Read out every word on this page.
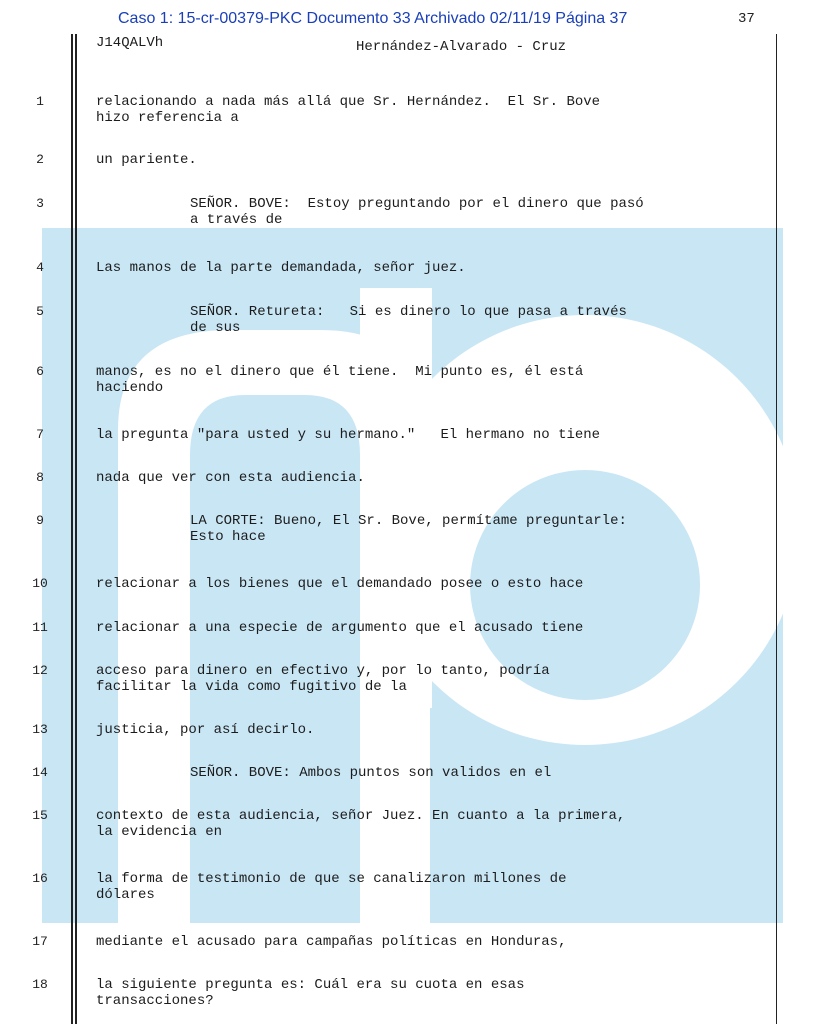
Caso 1: 15-cr-00379-PKC Documento 33 Archivado 02/11/19 Página 37	37
J14QALVh	Hernández-Alvarado - Cruz
1	relacionando a nada más allá que Sr. Hernández.  El Sr. Bove
hizo referencia a
2	un pariente.
3	SEÑOR. BOVE:  Estoy preguntando por el dinero que pasó
a través de
4	Las manos de la parte demandada, señor juez.
5	SEÑOR. Retureta:   Si es dinero lo que pasa a través
de sus
6	manos, es no el dinero que él tiene.  Mi punto es, él está
haciendo
7	la pregunta "para usted y su hermano."   El hermano no tiene
8	nada que ver con esta audiencia.
9	LA CORTE: Bueno, El Sr. Bove, permítame preguntarle:
Esto hace
10	relacionar a los bienes que el demandado posee o esto hace
11	relacionar a una especie de argumento que el acusado tiene
12	acceso para dinero en efectivo y, por lo tanto, podría
facilitar la vida como fugitivo de la
13	justicia, por así decirlo.
14	SEÑOR. BOVE: Ambos puntos son validos en el
15	contexto de esta audiencia, señor Juez. En cuanto a la primera,
la evidencia en
16	la forma de testimonio de que se canalizaron millones de
dólares
17	mediante el acusado para campañas políticas en Honduras,
18	la siguiente pregunta es: Cuál era su cuota en esas
transacciones?
